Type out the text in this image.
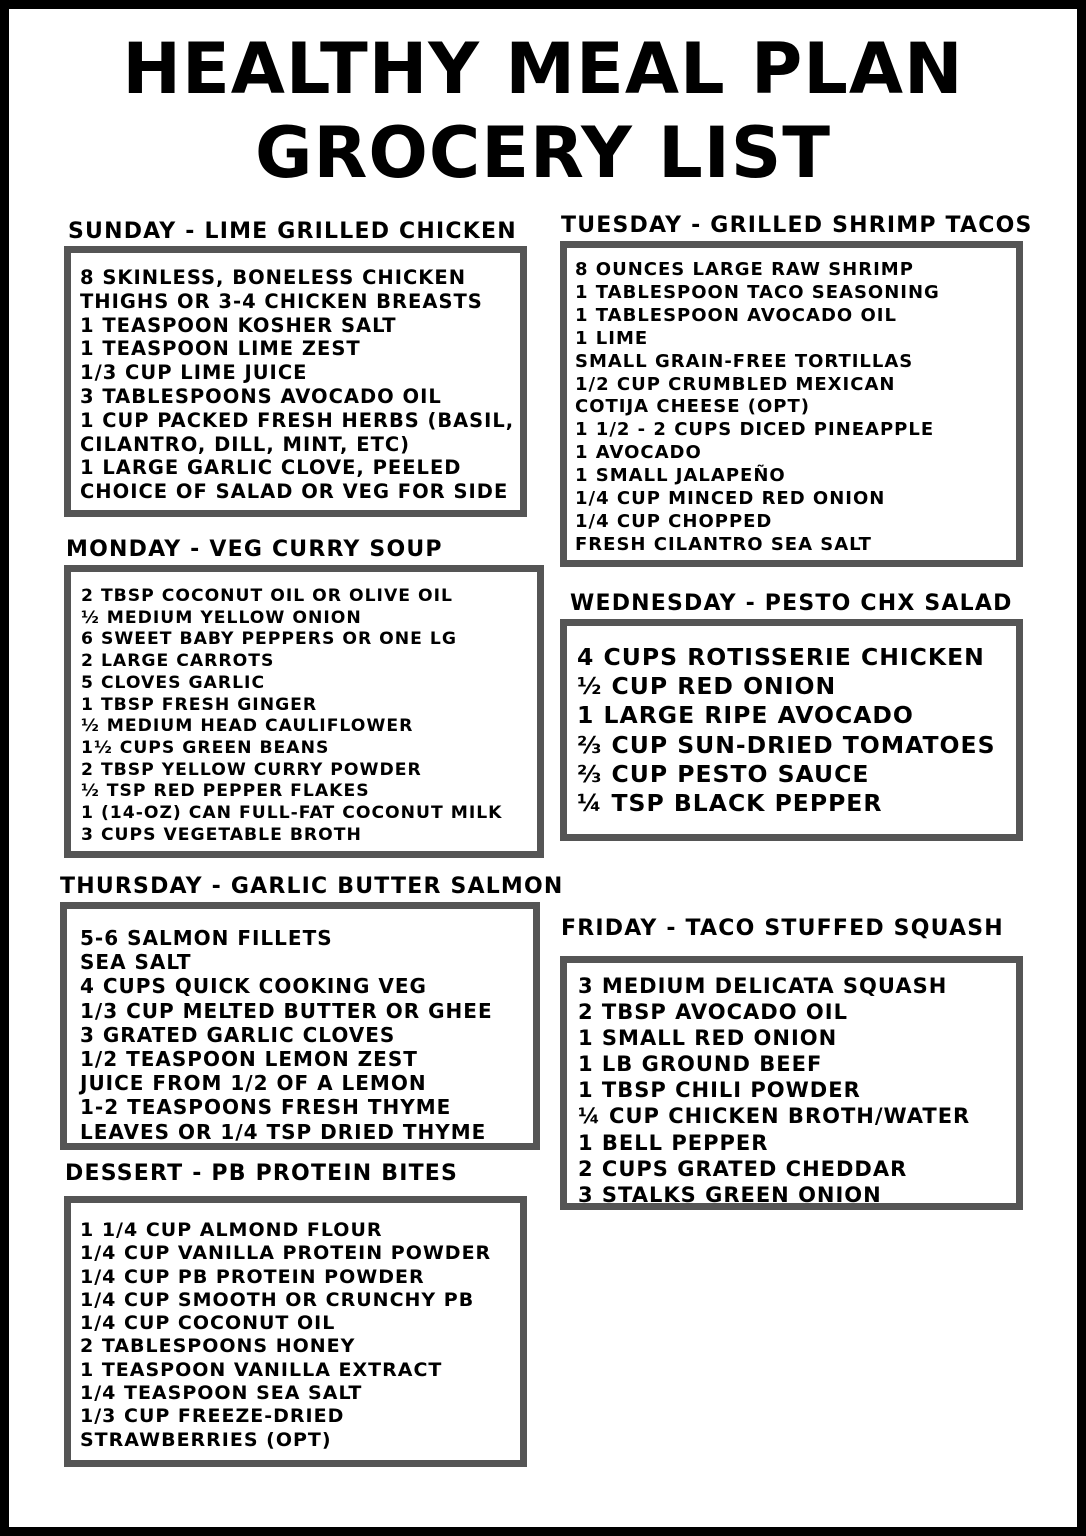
HEALTHY MEAL PLAN
GROCERY LIST
SUNDAY - LIME GRILLED CHICKEN
8 SKINLESS, BONELESS CHICKEN
THIGHS OR 3-4 CHICKEN BREASTS
1 TEASPOON KOSHER SALT
1 TEASPOON LIME ZEST
1/3 CUP LIME JUICE
3 TABLESPOONS AVOCADO OIL
1 CUP PACKED FRESH HERBS (BASIL,
CILANTRO, DILL, MINT, ETC)
1 LARGE GARLIC CLOVE, PEELED
CHOICE OF SALAD OR VEG FOR SIDE
TUESDAY - GRILLED SHRIMP TACOS
8 OUNCES LARGE RAW SHRIMP
1 TABLESPOON TACO SEASONING
1 TABLESPOON AVOCADO OIL
1 LIME
SMALL GRAIN-FREE TORTILLAS
1/2 CUP CRUMBLED MEXICAN
COTIJA CHEESE (OPT)
1 1/2 - 2 CUPS DICED PINEAPPLE
1 AVOCADO
1 SMALL JALAPEÑO
1/4 CUP MINCED RED ONION
1/4 CUP CHOPPED
FRESH CILANTRO SEA SALT
MONDAY - VEG CURRY SOUP
2 TBSP COCONUT OIL OR OLIVE OIL
½ MEDIUM YELLOW ONION
6 SWEET BABY PEPPERS OR ONE LG
2 LARGE CARROTS
5 CLOVES GARLIC
1 TBSP FRESH GINGER
½ MEDIUM HEAD CAULIFLOWER
1½ CUPS GREEN BEANS
2 TBSP YELLOW CURRY POWDER
½ TSP RED PEPPER FLAKES
1 (14-OZ) CAN FULL-FAT COCONUT MILK
3 CUPS VEGETABLE BROTH
WEDNESDAY - PESTO CHX SALAD
4 CUPS ROTISSERIE CHICKEN
½ CUP RED ONION
1 LARGE RIPE AVOCADO
⅔ CUP SUN-DRIED TOMATOES
⅔ CUP PESTO SAUCE
¼ TSP BLACK PEPPER
THURSDAY - GARLIC BUTTER SALMON
5-6 SALMON FILLETS
SEA SALT
4 CUPS QUICK COOKING VEG
1/3 CUP MELTED BUTTER OR GHEE
3 GRATED GARLIC CLOVES
1/2 TEASPOON LEMON ZEST
JUICE FROM 1/2 OF A LEMON
1-2 TEASPOONS FRESH THYME
LEAVES OR 1/4 TSP DRIED THYME
FRIDAY - TACO STUFFED SQUASH
3 MEDIUM DELICATA SQUASH
2 TBSP AVOCADO OIL
1 SMALL RED ONION
1 LB GROUND BEEF
1 TBSP CHILI POWDER
¼ CUP CHICKEN BROTH/WATER
1 BELL PEPPER
2 CUPS GRATED CHEDDAR
3 STALKS GREEN ONION
DESSERT - PB PROTEIN BITES
1 1/4 CUP ALMOND FLOUR
1/4 CUP VANILLA PROTEIN POWDER
1/4 CUP PB PROTEIN POWDER
1/4 CUP SMOOTH OR CRUNCHY PB
1/4 CUP COCONUT OIL
2 TABLESPOONS HONEY
1 TEASPOON VANILLA EXTRACT
1/4 TEASPOON SEA SALT
1/3 CUP FREEZE-DRIED
STRAWBERRIES (OPT)
